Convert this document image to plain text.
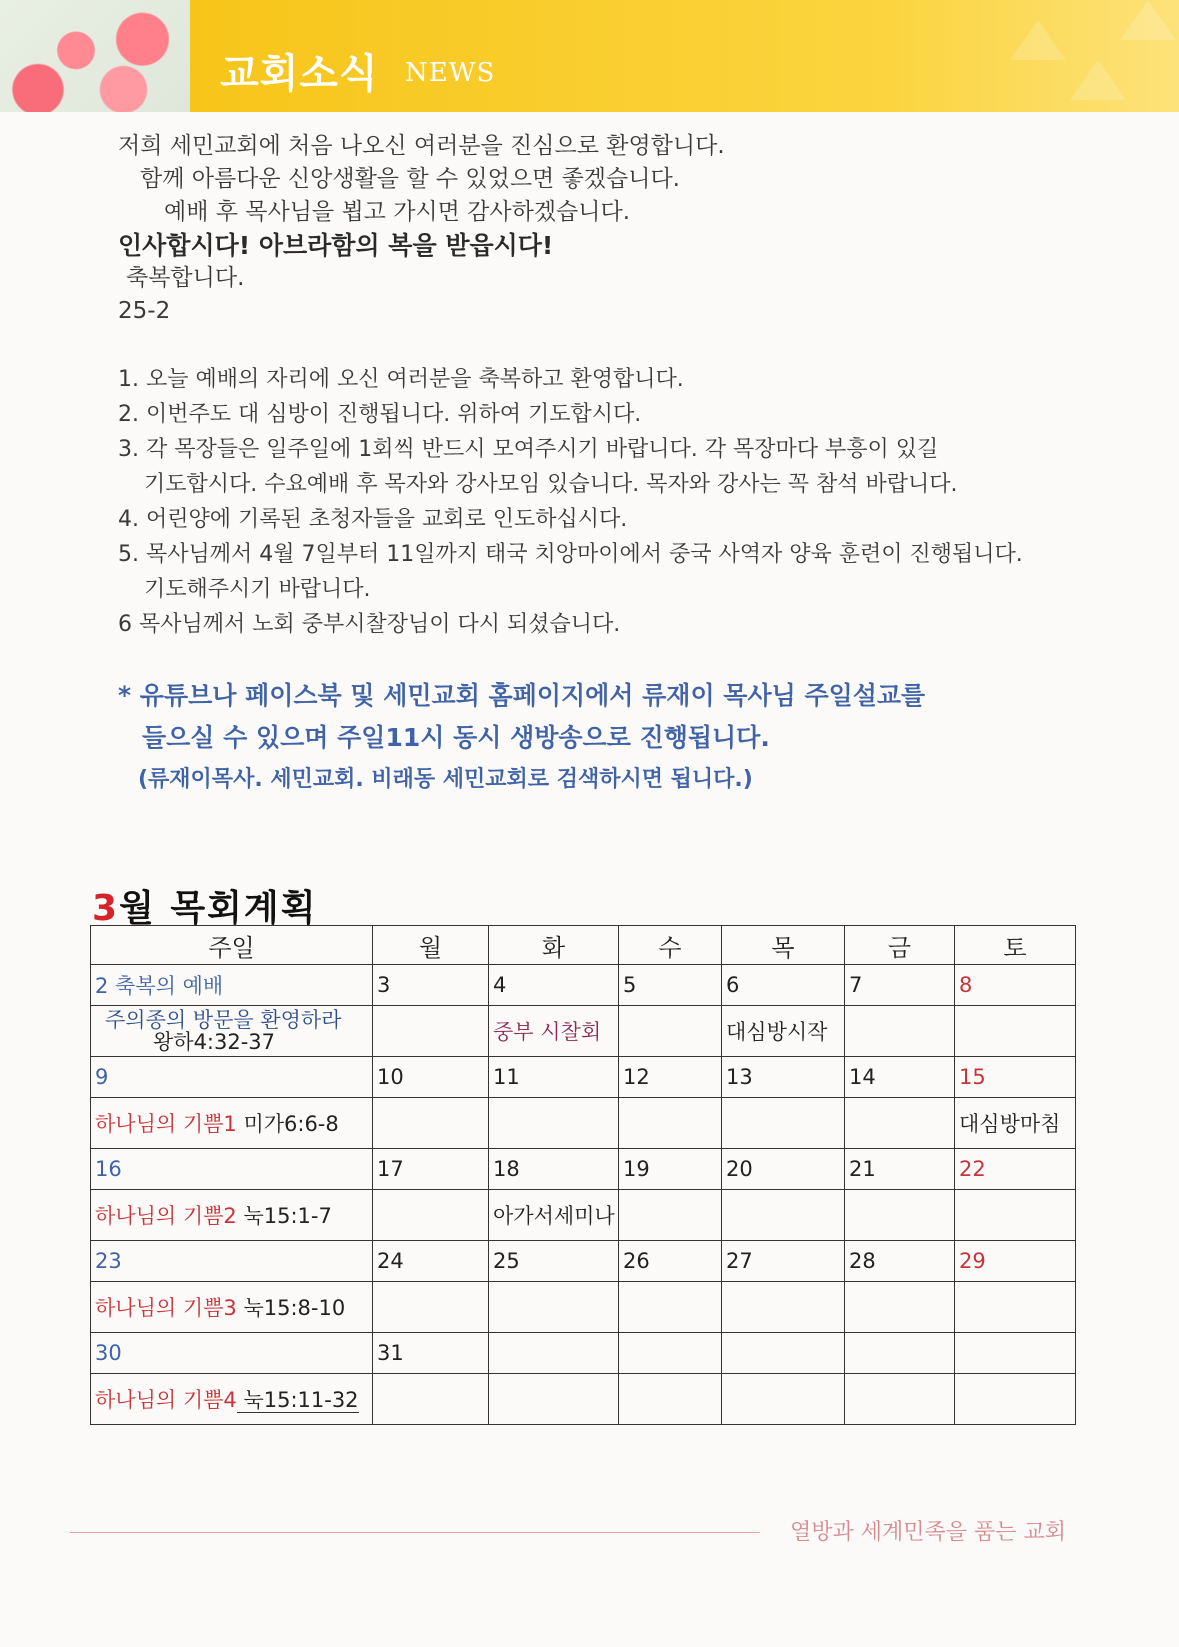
교회소식 NEWS
저희 세민교회에 처음 나오신 여러분을 진심으로 환영합니다.
함께 아름다운 신앙생활을 할 수 있었으면 좋겠습니다.
예배 후 목사님을 뵙고 가시면 감사하겠습니다.
인사합시다! 아브라함의 복을 받읍시다!
축복합니다.
25-2
1. 오늘 예배의 자리에 오신 여러분을 축복하고 환영합니다.
2. 이번주도 대 심방이 진행됩니다. 위하여 기도합시다.
3. 각 목장들은 일주일에 1회씩 반드시 모여주시기 바랍니다. 각 목장마다 부흥이 있길
기도합시다. 수요예배 후 목자와 강사모임 있습니다. 목자와 강사는 꼭 참석 바랍니다.
4. 어린양에 기록된 초청자들을 교회로 인도하십시다.
5. 목사님께서 4월 7일부터 11일까지 태국 치앙마이에서 중국 사역자 양육 훈련이 진행됩니다.
기도해주시기 바랍니다.
6 목사님께서 노회 중부시찰장님이 다시 되셨습니다.
* 유튜브나 페이스북 및 세민교회 홈페이지에서 류재이 목사님 주일설교를
들으실 수 있으며 주일11시 동시 생방송으로 진행됩니다.
(류재이목사. 세민교회. 비래동 세민교회로 검색하시면 됩니다.)
3월 목회계획
주일	월	화	수	목	금	토
2 축복의 예배	3	4	5	6	7	8

주의종의 방문을 환영하라
왕하4:32-37		중부 시찰회		대심방시작		
9	10	11	12	13	14	15
하나님의 기쁨1 미가6:6-8						대심방마침
16	17	18	19	20	21	22
하나님의 기쁨2 눅15:1-7		아가서세미나				
23	24	25	26	27	28	29
하나님의 기쁨3 눅15:8-10						
30	31					
하나님의 기쁨4 눅15:11-32						
열방과 세계민족을 품는 교회
